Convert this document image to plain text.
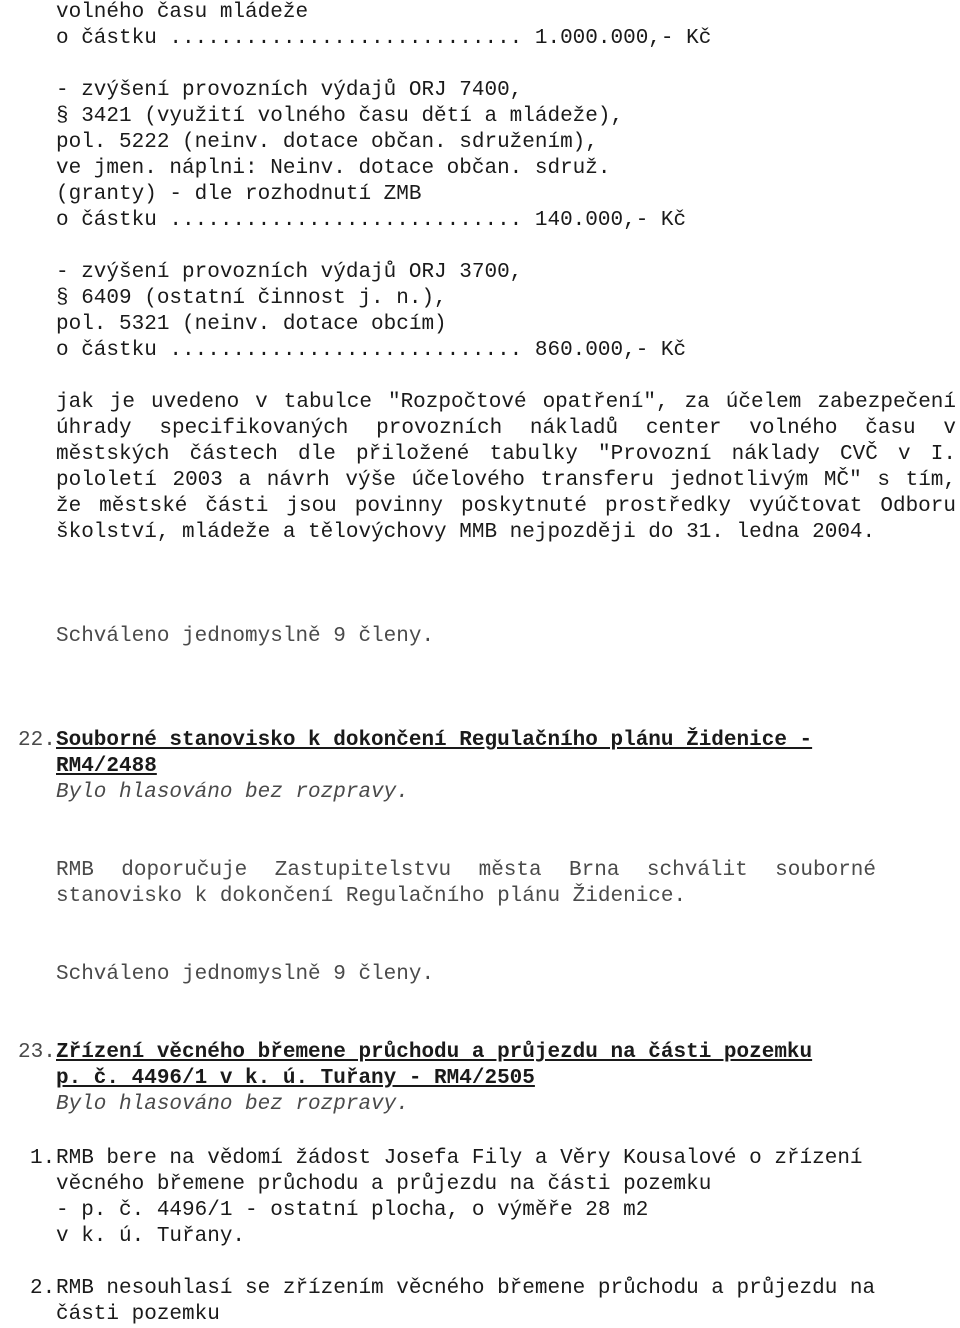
volného času mládeže
o částku ............................ 1.000.000,- Kč
- zvýšení provozních výdajů ORJ 7400,
§ 3421 (využití volného času dětí a mládeže),
pol. 5222 (neinv. dotace občan. sdružením),
ve jmen. náplni: Neinv. dotace občan. sdruž.
(granty) - dle rozhodnutí ZMB
o částku ............................ 140.000,- Kč
- zvýšení provozních výdajů ORJ 3700,
§ 6409 (ostatní činnost j. n.),
pol. 5321 (neinv. dotace obcím)
o částku ............................ 860.000,- Kč

jak je uvedeno v tabulce "Rozpočtové opatření", za účelem zabezpečení úhrady specifikovaných provozních nákladů center volného času v městských částech dle přiložené tabulky "Provozní náklady CVČ v I. pololetí 2003 a návrh výše účelového transferu jednotlivým MČ" s tím, že městské části jsou povinny poskytnuté prostředky vyúčtovat Odboru školství, mládeže a tělovýchovy MMB nejpozději do 31. ledna 2004.

Schváleno jednomyslně 9 členy.
22. Souborné stanovisko k dokončení Regulačního plánu Židenice -
RM4/2488
Bylo hlasováno bez rozpravy.

RMB doporučuje Zastupitelstvu města Brna schválit souborné stanovisko k dokončení Regulačního plánu Židenice.

Schváleno jednomyslně 9 členy.
23. Zřízení věcného břemene průchodu a průjezdu na části pozemku
p. č. 4496/1 v k. ú. Tuřany - RM4/2505
Bylo hlasováno bez rozpravy.
1. RMB bere na vědomí žádost Josefa Fily a Věry Kousalové o zřízení
věcného břemene průchodu a průjezdu na části pozemku
- p. č. 4496/1 - ostatní plocha, o výměře 28 m2
v k. ú. Tuřany.
2. RMB nesouhlasí se zřízením věcného břemene průchodu a průjezdu na
části pozemku
